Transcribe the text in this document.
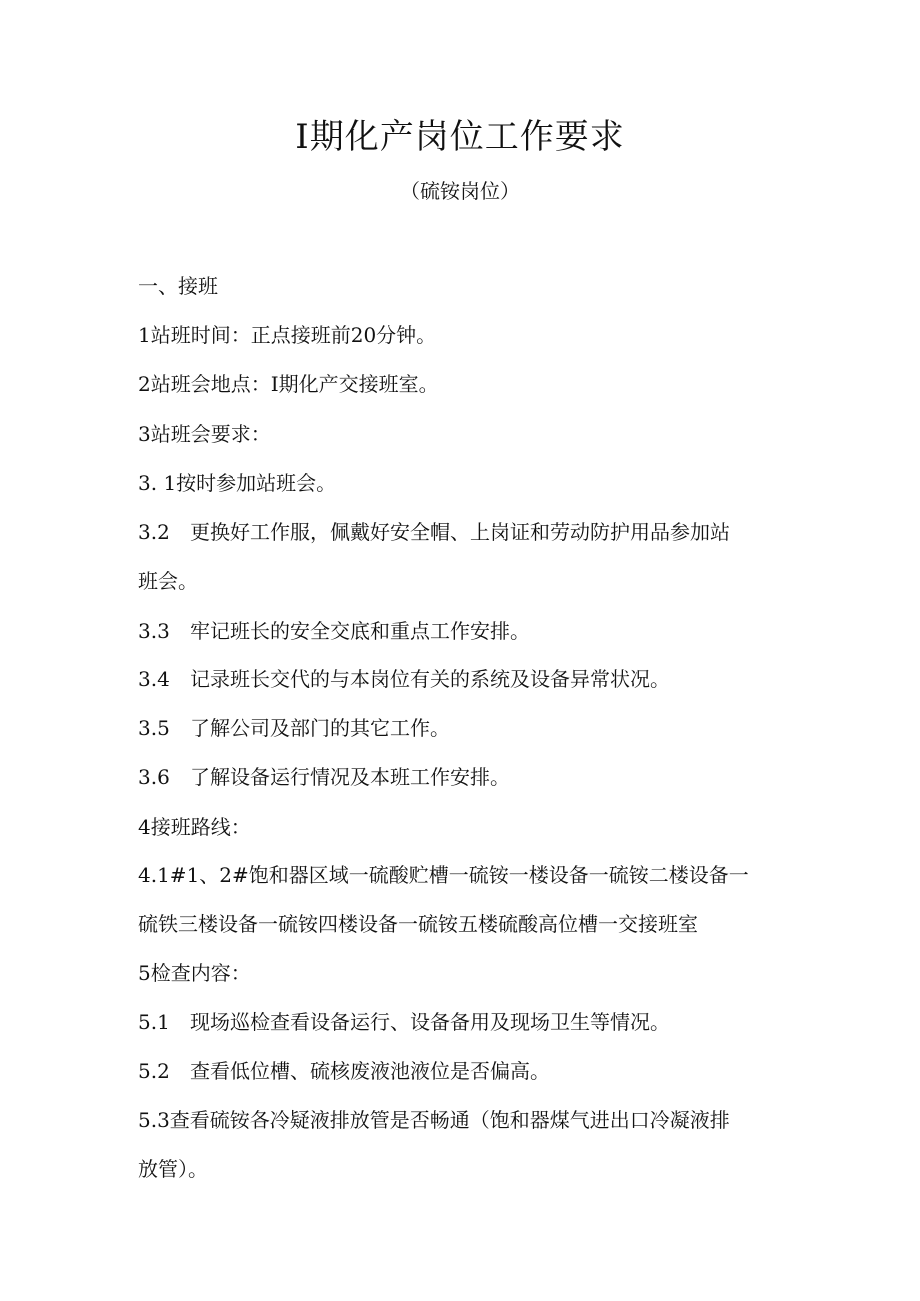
I期化产岗位工作要求
（硫铵岗位）
一、接班
1站班时间：正点接班前20分钟。
2站班会地点：I期化产交接班室。
3站班会要求：
3. 1按时参加站班会。
3.2 更换好工作服，佩戴好安全帽、上岗证和劳动防护用品参加站
班会。
3.3 牢记班长的安全交底和重点工作安排。
3.4 记录班长交代的与本岗位有关的系统及设备异常状况。
3.5 了解公司及部门的其它工作。
3.6 了解设备运行情况及本班工作安排。
4接班路线：
4.1#1、2#饱和器区域一硫酸贮槽一硫铵一楼设备一硫铵二楼设备一
硫铁三楼设备一硫铵四楼设备一硫铵五楼硫酸高位槽一交接班室
5检查内容：
5.1 现场巡检查看设备运行、设备备用及现场卫生等情况。
5.2 查看低位槽、硫核废液池液位是否偏高。
5.3查看硫铵各冷疑液排放管是否畅通（饱和器煤气进出口冷凝液排
放管）。
